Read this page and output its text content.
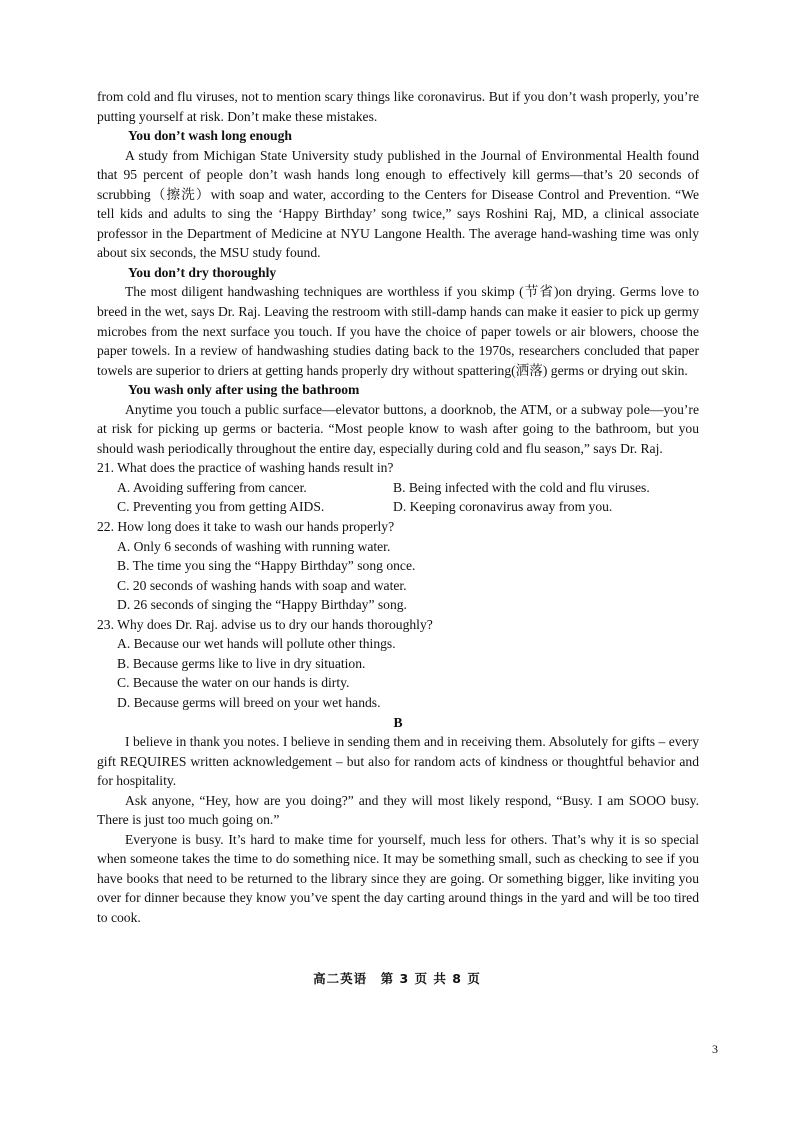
from cold and flu viruses, not to mention scary things like coronavirus. But if you don’t wash properly, you’re putting yourself at risk. Don’t make these mistakes.

You don’t wash long enough

A study from Michigan State University study published in the Journal of Environmental Health found that 95 percent of people don’t wash hands long enough to effectively kill germs—that’s 20 seconds of scrubbing（擦洗）with soap and water, according to the Centers for Disease Control and Prevention. “We tell kids and adults to sing the ‘Happy Birthday’ song twice,” says Roshini Raj, MD, a clinical associate professor in the Department of Medicine at NYU Langone Health. The average hand-washing time was only about six seconds, the MSU study found.

You don’t dry thoroughly

The most diligent handwashing techniques are worthless if you skimp (节省)on drying. Germs love to breed in the wet, says Dr. Raj. Leaving the restroom with still-damp hands can make it easier to pick up germy microbes from the next surface you touch. If you have the choice of paper towels or air blowers, choose the paper towels. In a review of handwashing studies dating back to the 1970s, researchers concluded that paper towels are superior to driers at getting hands properly dry without spattering(洒落) germs or drying out skin.

You wash only after using the bathroom

Anytime you touch a public surface—elevator buttons, a doorknob, the ATM, or a subway pole—you’re at risk for picking up germs or bacteria. “Most people know to wash after going to the bathroom, but you should wash periodically throughout the entire day, especially during cold and flu season,” says Dr. Raj.

21. What does the practice of washing hands result in?

A. Avoiding suffering from cancer.	B. Being infected with the cold and flu viruses.
C. Preventing you from getting AIDS.	D. Keeping coronavirus away from you.

22. How long does it take to wash our hands properly?

A. Only 6 seconds of washing with running water.

B. The time you sing the “Happy Birthday” song once.

C. 20 seconds of washing hands with soap and water.

D. 26 seconds of singing the “Happy Birthday” song.

23. Why does Dr. Raj. advise us to dry our hands thoroughly?

A. Because our wet hands will pollute other things.

B. Because germs like to live in dry situation.

C. Because the water on our hands is dirty.

D. Because germs will breed on your wet hands.

B

I believe in thank you notes. I believe in sending them and in receiving them. Absolutely for gifts – every gift REQUIRES written acknowledgement – but also for random acts of kindness or thoughtful behavior and for hospitality.

Ask anyone, “Hey, how are you doing?” and they will most likely respond, “Busy. I am SOOO busy. There is just too much going on.”

Everyone is busy. It’s hard to make time for yourself, much less for others. That’s why it is so special when someone takes the time to do something nice. It may be something small, such as checking to see if you have books that need to be returned to the library since they are going. Or something bigger, like inviting you over for dinner because they know you’ve spent the day carting around things in the yard and will be too tired to cook.

高二英语　第 3 页 共 8 页
3
